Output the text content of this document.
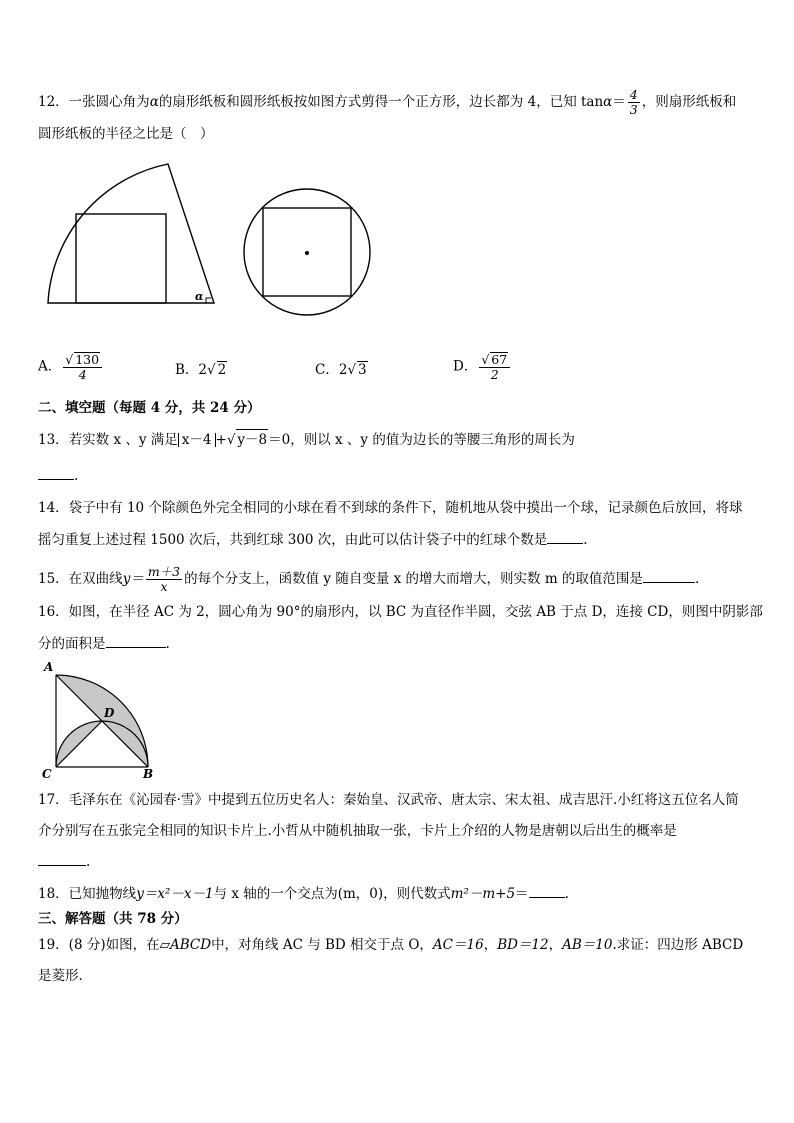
12．一张圆心角为α的扇形纸板和圆形纸板按如图方式剪得一个正方形，边长都为 4，已知 $\tan\alpha= \frac{4}{3}$ ，则扇形纸板和
圆形纸板的半径之比是（　）
α
A． $\frac{√ 130}{4}$	B．2√ 2	C．2√ 3	D． $\frac{√ 67}{2}$
二、填空题（每题 4 分，共 24 分）
13．若实数 x 、y 满足 x－4 +√ y－8＝0，则以 x 、y 的值为边长的等腰三角形的周长为
.
14．袋子中有 10 个除颜色外完全相同的小球在看不到球的条件下，随机地从袋中摸出一个球，记录颜色后放回，将球
摇匀重复上述过程 1500 次后，共到红球 300 次，由此可以估计袋子中的红球个数是	.
15．在双曲线$y= \frac{m+3}{x}$ 的每个分支上，函数值 y 随自变量 x 的增大而增大，则实数 m 的取值范围是	.
16．如图，在半径 AC 为 2，圆心角为 90°的扇形内，以 BC 为直径作半圆，交弦 AB 于点 D，连接 CD，则图中阴影部
分的面积是	.
A
D
C	B
17．毛泽东在《沁园春·雪》中提到五位历史名人：秦始皇、汉武帝、唐太宗、宋太祖、成吉思汗.小红将这五位名人简
介分别写在五张完全相同的知识卡片上.小哲从中随机抽取一张，卡片上介绍的人物是唐朝以后出生的概率是
.
18．已知抛物线y＝x²－x－1与 x 轴的一个交点为(m，0)，则代数式m²－m+5＝	.
三、解答题（共 78 分）
19．(8 分)如图，在▱ABCD中，对角线 AC 与 BD 相交于点 O，AC＝16，BD＝12，AB＝10.求证：四边形 ABCD
是菱形.
